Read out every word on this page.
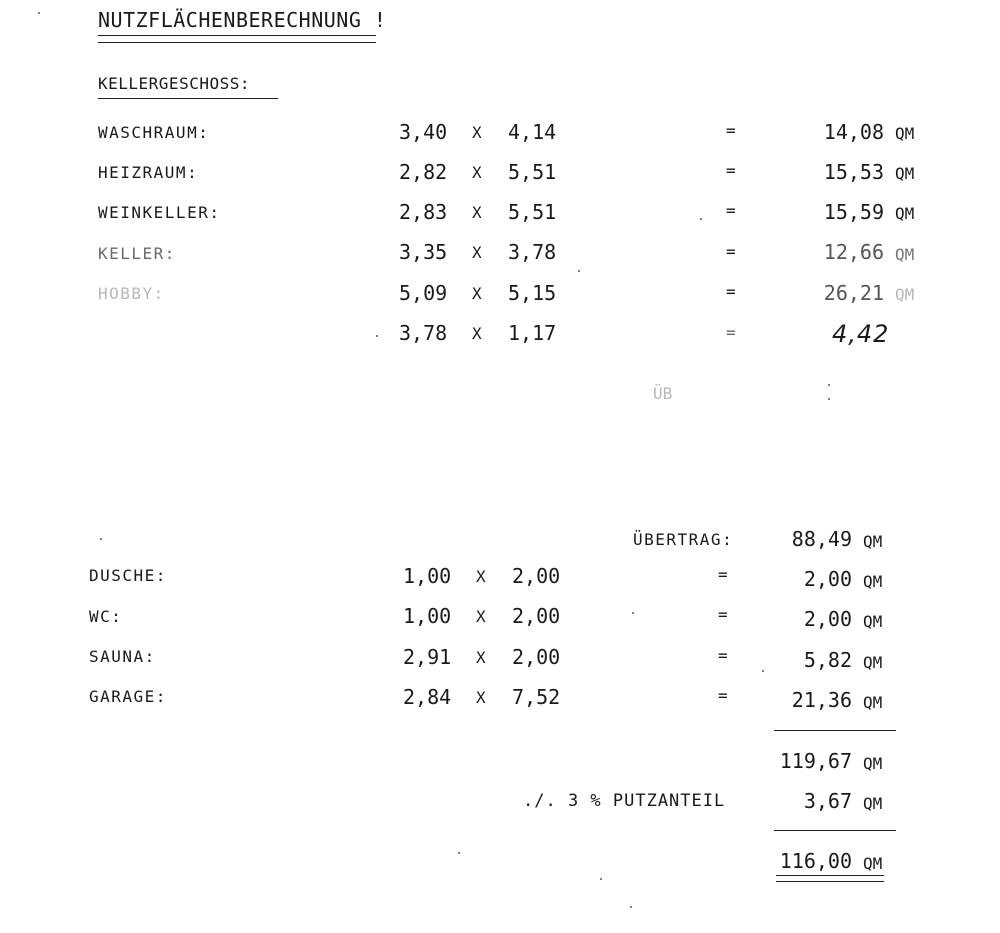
NUTZFLÄCHENBERECHNUNG !
KELLERGESCHOSS:
WASCHRAUM:	3,40 X 4,14	=	14,08 QM
HEIZRAUM:	2,82 X 5,51	=	15,53 QM
WEINKELLER:	2,83 X 5,51	=	15,59 QM
KELLER:	3,35 X 3,78	=	12,66 QM
HOBBY:	5,09 X 5,15	=	26,21 QM
3,78 X 1,17	=	4,42
ÜB
ÜBERTRAG:	88,49 QM
DUSCHE:	1,00 X 2,00	=	2,00 QM
WC:	1,00 X 2,00	=	2,00 QM
SAUNA:	2,91 X 2,00	=	5,82 QM
GARAGE:	2,84 X 7,52	=	21,36 QM
119,67 QM
./. 3 % PUTZANTEIL	3,67 QM
116,00 QM
